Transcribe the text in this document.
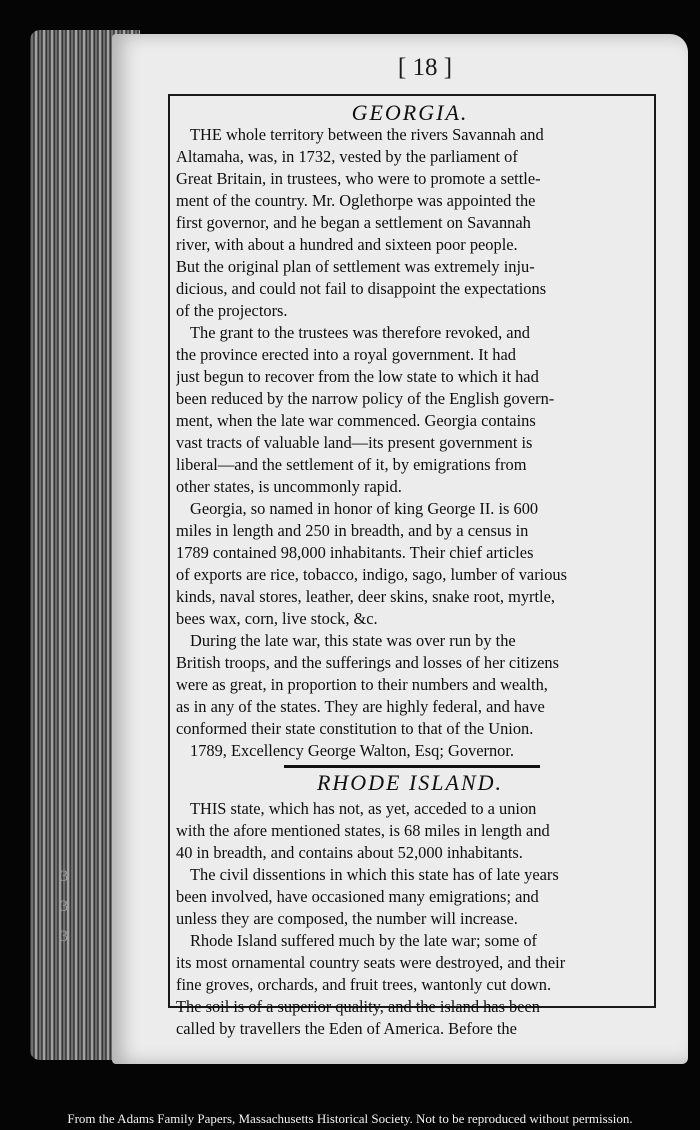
[ 18 ]
GEORGIA.
THE whole territory between the rivers Savannah and
Altamaha, was, in 1732, vested by the parliament of
Great Britain, in trustees, who were to promote a settle-
ment of the country. Mr. Oglethorpe was appointed the
first governor, and he began a settlement on Savannah
river, with about a hundred and sixteen poor people.
But the original plan of settlement was extremely inju-
dicious, and could not fail to disappoint the expectations
of the projectors.
The grant to the trustees was therefore revoked, and
the province erected into a royal government. It had
just begun to recover from the low state to which it had
been reduced by the narrow policy of the English govern-
ment, when the late war commenced. Georgia contains
vast tracts of valuable land—its present government is
liberal—and the settlement of it, by emigrations from
other states, is uncommonly rapid.
Georgia, so named in honor of king George II. is 600
miles in length and 250 in breadth, and by a census in
1789 contained 98,000 inhabitants. Their chief articles
of exports are rice, tobacco, indigo, sago, lumber of various
kinds, naval stores, leather, deer skins, snake root, myrtle,
bees wax, corn, live stock, &c.
During the late war, this state was over run by the
British troops, and the sufferings and losses of her citizens
were as great, in proportion to their numbers and wealth,
as in any of the states. They are highly federal, and have
conformed their state constitution to that of the Union.
1789, Excellency George Walton, Esq; Governor.
RHODE ISLAND.
THIS state, which has not, as yet, acceded to a union
with the afore mentioned states, is 68 miles in length and
40 in breadth, and contains about 52,000 inhabitants.
The civil dissentions in which this state has of late years
been involved, have occasioned many emigrations; and
unless they are composed, the number will increase.
Rhode Island suffered much by the late war; some of
its most ornamental country seats were destroyed, and their
fine groves, orchards, and fruit trees, wantonly cut down.
The soil is of a superior quality, and the island has been
called by travellers the Eden of America. Before the
3
3
3
From the Adams Family Papers, Massachusetts Historical Society. Not to be reproduced without permission.
